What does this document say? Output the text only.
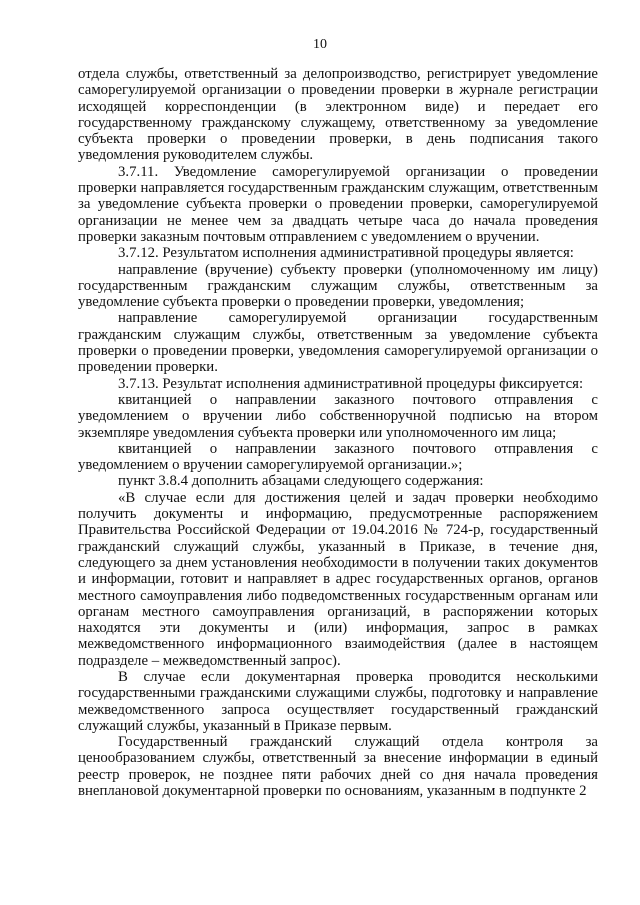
10

отдела службы, ответственный за делопроизводство, регистрирует уведомление саморегулируемой организации о проведении проверки в журнале регистрации исходящей корреспонденции (в электронном виде) и передает его государственному гражданскому служащему, ответственному за уведомление субъекта проверки о проведении проверки, в день подписания такого уведомления руководителем службы.

3.7.11. Уведомление саморегулируемой организации о проведении проверки направляется государственным гражданским служащим, ответственным за уведомление субъекта проверки о проведении проверки, саморегулируемой организации не менее чем за двадцать четыре часа до начала проведения проверки заказным почтовым отправлением с уведомлением о вручении.

3.7.12. Результатом исполнения административной процедуры является:

направление (вручение) субъекту проверки (уполномоченному им лицу) государственным гражданским служащим службы, ответственным за уведомление субъекта проверки о проведении проверки, уведомления;

направление саморегулируемой организации государственным гражданским служащим службы, ответственным за уведомление субъекта проверки о проведении проверки, уведомления саморегулируемой организации о проведении проверки.

3.7.13. Результат исполнения административной процедуры фиксируется:

квитанцией о направлении заказного почтового отправления с уведомлением о вручении либо собственноручной подписью на втором экземпляре уведомления субъекта проверки или уполномоченного им лица;

квитанцией о направлении заказного почтового отправления с уведомлением о вручении саморегулируемой организации.»;

пункт 3.8.4 дополнить абзацами следующего содержания:

«В случае если для достижения целей и задач проверки необходимо получить документы и информацию, предусмотренные распоряжением Правительства Российской Федерации от 19.04.2016 № 724-р, государственный гражданский служащий службы, указанный в Приказе, в течение дня, следующего за днем установления необходимости в получении таких документов и информации, готовит и направляет в адрес государственных органов, органов местного самоуправления либо подведомственных государственным органам или органам местного самоуправления организаций, в распоряжении которых находятся эти документы и (или) информация, запрос в рамках межведомственного информационного взаимодействия (далее в настоящем подразделе – межведомственный запрос).

В случае если документарная проверка проводится несколькими государственными гражданскими служащими службы, подготовку и направление межведомственного запроса осуществляет государственный гражданский служащий службы, указанный в Приказе первым.

Государственный гражданский служащий отдела контроля за ценообразованием службы, ответственный за внесение информации в единый реестр проверок, не позднее пяти рабочих дней со дня начала проведения внеплановой документарной проверки по основаниям, указанным в подпункте 2
